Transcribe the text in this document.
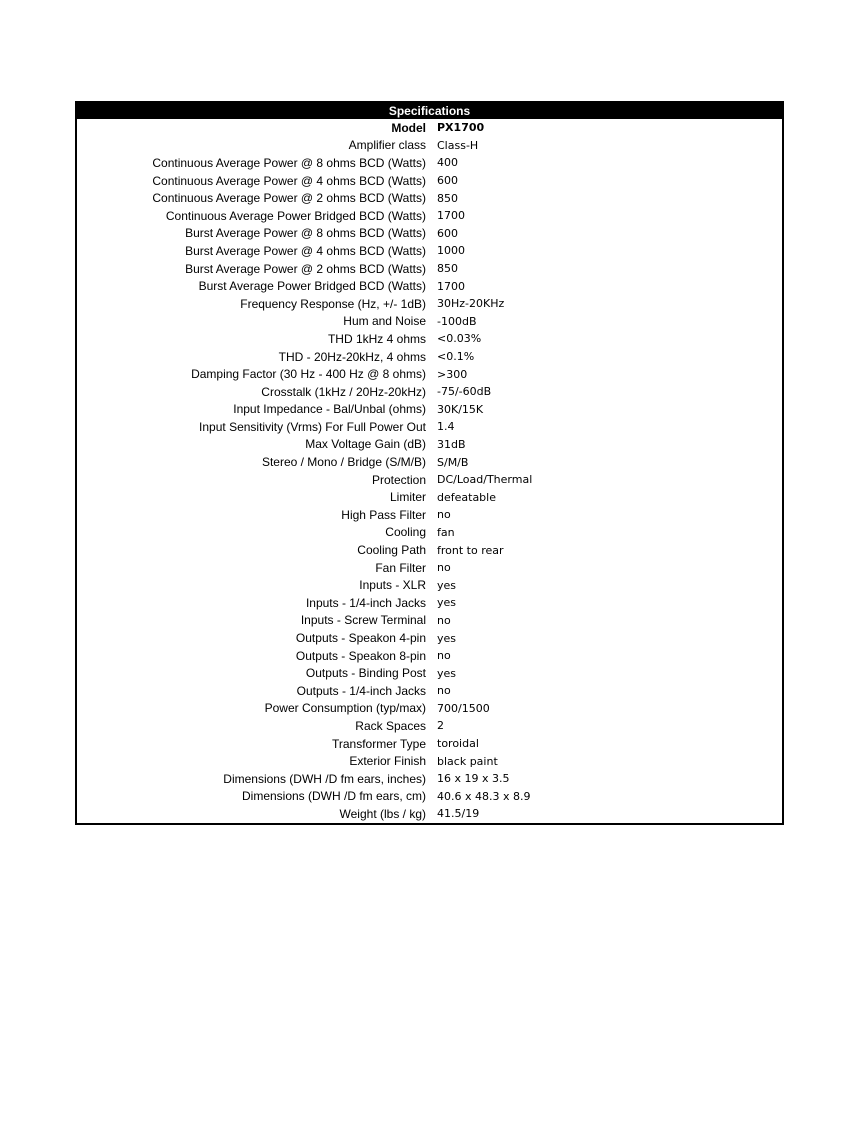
Specifications
Model	PX1700
Amplifier class	Class-H
Continuous Average Power @ 8 ohms BCD (Watts)	400
Continuous Average Power @ 4 ohms BCD (Watts)	600
Continuous Average Power @ 2 ohms BCD (Watts)	850
Continuous Average Power Bridged BCD (Watts)	1700
Burst Average Power @ 8 ohms BCD (Watts)	600
Burst Average Power @ 4 ohms BCD (Watts)	1000
Burst Average Power @ 2 ohms BCD (Watts)	850
Burst Average Power Bridged BCD (Watts)	1700
Frequency Response (Hz, +/- 1dB)	30Hz-20KHz
Hum and Noise	-100dB
THD 1kHz 4 ohms	<0.03%
THD - 20Hz-20kHz, 4 ohms	<0.1%
Damping Factor (30 Hz - 400 Hz @ 8 ohms)	>300
Crosstalk (1kHz / 20Hz-20kHz)	-75/-60dB
Input Impedance - Bal/Unbal (ohms)	30K/15K
Input Sensitivity (Vrms) For Full Power Out	1.4
Max Voltage Gain (dB)	31dB
Stereo / Mono / Bridge (S/M/B)	S/M/B
Protection	DC/Load/Thermal
Limiter	defeatable
High Pass Filter	no
Cooling	fan
Cooling Path	front to rear
Fan Filter	no
Inputs - XLR	yes
Inputs - 1/4-inch Jacks	yes
Inputs - Screw Terminal	no
Outputs - Speakon 4-pin	yes
Outputs - Speakon 8-pin	no
Outputs - Binding Post	yes
Outputs - 1/4-inch Jacks	no
Power Consumption (typ/max)	700/1500
Rack Spaces	2
Transformer Type	toroidal
Exterior Finish	black paint
Dimensions (DWH /D fm ears, inches)	16 x 19 x 3.5
Dimensions (DWH /D fm ears, cm)	40.6 x 48.3 x 8.9
Weight (lbs / kg)	41.5/19
